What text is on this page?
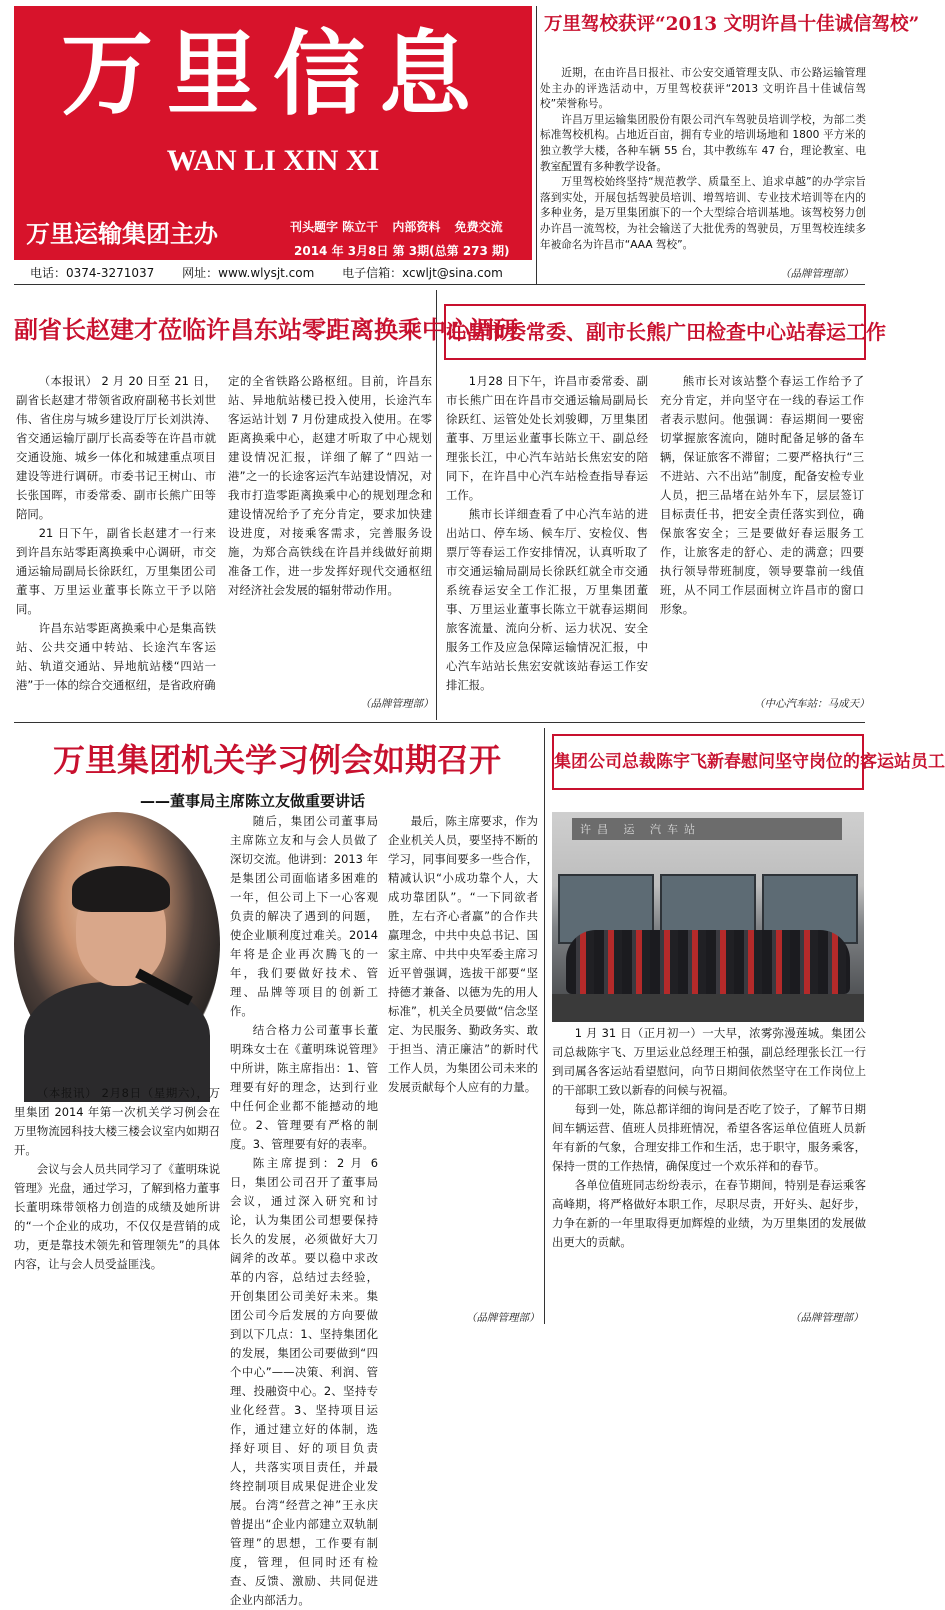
万里信息
WAN LI XIN XI
万里运输集团主办	刊头题字 陈立干 内部资料 免费交流
2014 年 3月8日 第 3期(总第 273 期)
电话：0374-3271037 网址：www.wlysjt.com 电子信箱：xcwljt@sina.com
万里驾校获评“2013 文明许昌十佳诚信驾校”

近期，在由许昌日报社、市公安交通管理支队、市公路运输管理处主办的评选活动中，万里驾校获评“2013 文明许昌十佳诚信驾校”荣誉称号。

许昌万里运输集团股份有限公司汽车驾驶员培训学校，为部二类标准驾校机构。占地近百亩，拥有专业的培训场地和 1800 平方米的独立教学大楼，各种车辆 55 台，其中教练车 47 台，理论教室、电教室配置有多种教学设备。

万里驾校始终坚持“规范教学、质量至上、追求卓越”的办学宗旨落到实处，开展包括驾驶员培训、增驾培训、专业技术培训等在内的多种业务，是万里集团旗下的一个大型综合培训基地。该驾校努力创办许昌一流驾校，为社会输送了大批优秀的驾驶员，万里驾校连续多年被命名为许昌市“AAA 驾校”。

（品牌管理部）
副省长赵建才莅临许昌东站零距离换乘中心调研

（本报讯） 2 月 20 日至 21 日，副省长赵建才带领省政府副秘书长刘世伟、省住房与城乡建设厅厅长刘洪涛、省交通运输厅副厅长高委等在许昌市就交通设施、城乡一体化和城建重点项目建设等进行调研。市委书记王树山、市长张国晖，市委常委、副市长熊广田等陪同。

21 日下午，副省长赵建才一行来到许昌东站零距离换乘中心调研，市交通运输局副局长徐跃红，万里集团公司董事、万里运业董事长陈立干予以陪同。

许昌东站零距离换乘中心是集高铁站、公共交通中转站、长途汽车客运站、轨道交通站、异地航站楼“四站一港”于一体的综合交通枢纽，是省政府确

定的全省铁路公路枢纽。目前，许昌东站、异地航站楼已投入使用，长途汽车客运站计划 7 月份建成投入使用。在零距离换乘中心，赵建才听取了中心规划建设情况汇报，详细了解了“四站一港”之一的长途客运汽车站建设情况，对我市打造零距离换乘中心的规划理念和建设情况给予了充分肯定，要求加快建设进度，对接乘客需求，完善服务设施，为郑合高铁线在许昌并线做好前期准备工作，进一步发挥好现代交通枢纽对经济社会发展的辐射带动作用。

（品牌管理部）
许昌市委常委、副市长熊广田检查中心站春运工作

1月28 日下午，许昌市委常委、副市长熊广田在许昌市交通运输局副局长徐跃红、运管处处长刘骏卿，万里集团董事、万里运业董事长陈立干、副总经理张长江，中心汽车站站长焦宏安的陪同下，在许昌中心汽车站检查指导春运工作。

熊市长详细查看了中心汽车站的进出站口、停车场、候车厅、安检仪、售票厅等春运工作安排情况，认真听取了市交通运输局副局长徐跃红就全市交通系统春运安全工作汇报，万里集团董事、万里运业董事长陈立干就春运期间旅客流量、流向分析、运力状况、安全服务工作及应急保障运输情况汇报，中心汽车站站长焦宏安就该站春运工作安排汇报。

熊市长对该站整个春运工作给予了充分肯定，并向坚守在一线的春运工作者表示慰问。他强调：春运期间一要密切掌握旅客流向，随时配备足够的备车辆，保证旅客不滞留；二要严格执行“三不进站、六不出站”制度，配备安检专业人员，把三品堵在站外车下，层层签订目标责任书，把安全责任落实到位，确保旅客安全；三是要做好春运服务工作，让旅客走的舒心、走的满意；四要执行领导带班制度，领导要靠前一线值班，从不同工作层面树立许昌市的窗口形象。

（中心汽车站：马成天）
万里集团机关学习例会如期召开
——董事局主席陈立友做重要讲话

（本报讯） 2月8日（星期六），万里集团 2014 年第一次机关学习例会在万里物流园科技大楼三楼会议室内如期召开。

会议与会人员共同学习了《董明珠说管理》光盘，通过学习，了解到格力董事长董明珠带领格力创造的成绩及她所讲的“一个企业的成功，不仅仅是营销的成功，更是靠技术领先和管理领先”的具体内容，让与会人员受益匪浅。

随后，集团公司董事局主席陈立友和与会人员做了深切交流。他讲到：2013 年是集团公司面临诸多困难的一年，但公司上下一心客观负责的解决了遇到的问题，使企业顺利度过难关。2014 年将是企业再次腾飞的一年，我们要做好技术、管理、品牌等项目的创新工作。

结合格力公司董事长董明珠女士在《董明珠说管理》中所讲，陈主席指出：1、管理要有好的理念，达到行业中任何企业都不能撼动的地位。2、管理要有严格的制度。3、管理要有好的表率。

陈主席提到：2 月 6 日，集团公司召开了董事局会议，通过深入研究和讨论，认为集团公司想要保持长久的发展，必须做好大刀阔斧的改革。要以稳中求改革的内容，总结过去经验，开创集团公司美好未来。集团公司今后发展的方向要做到以下几点：1、坚持集团化的发展，集团公司要做到“四个中心”——决策、利润、管理、投融资中心。2、坚持专业化经营。3、坚持项目运作，通过建立好的体制，选择好项目、好的项目负责人，共落实项目责任，并最终控制项目成果促进企业发展。台湾“经营之神”王永庆曾提出“企业内部建立双轨制管理”的思想，工作要有制度，管理，但同时还有检查、反馈、激励、共同促进企业内部活力。

最后，陈主席要求，作为企业机关人员，要坚持不断的学习，同事间要多一些合作，精减认识“小成功靠个人，大成功靠团队”。“一下同欲者胜，左右齐心者赢”的合作共赢理念，中共中央总书记、国家主席、中共中央军委主席习近平曾强调，选拔干部要“坚持德才兼备、以德为先的用人标准”，机关全员要做“信念坚定、为民服务、勤政务实、敢于担当、清正廉洁”的新时代工作人员，为集团公司未来的发展贡献每个人应有的力量。

（品牌管理部）
集团公司总裁陈宇飞新春慰问坚守岗位的客运站员工
许昌 运 汽车站

1 月 31 日（正月初一）一大早，浓雾弥漫莲城。集团公司总裁陈宇飞、万里运业总经理王柏强，副总经理张长江一行到司属各客运站看望慰问，向节日期间依然坚守在工作岗位上的干部职工致以新春的问候与祝福。

每到一处，陈总都详细的询问是否吃了饺子，了解节日期间车辆运营、值班人员排班情况，希望各客运单位值班人员新年有新的气象，合理安排工作和生活，忠于职守，服务乘客，保持一贯的工作热情，确保度过一个欢乐祥和的春节。

各单位值班同志纷纷表示，在春节期间，特别是春运乘客高峰期，将严格做好本职工作，尽职尽责，开好头、起好步，力争在新的一年里取得更加辉煌的业绩，为万里集团的发展做出更大的贡献。

（品牌管理部）
